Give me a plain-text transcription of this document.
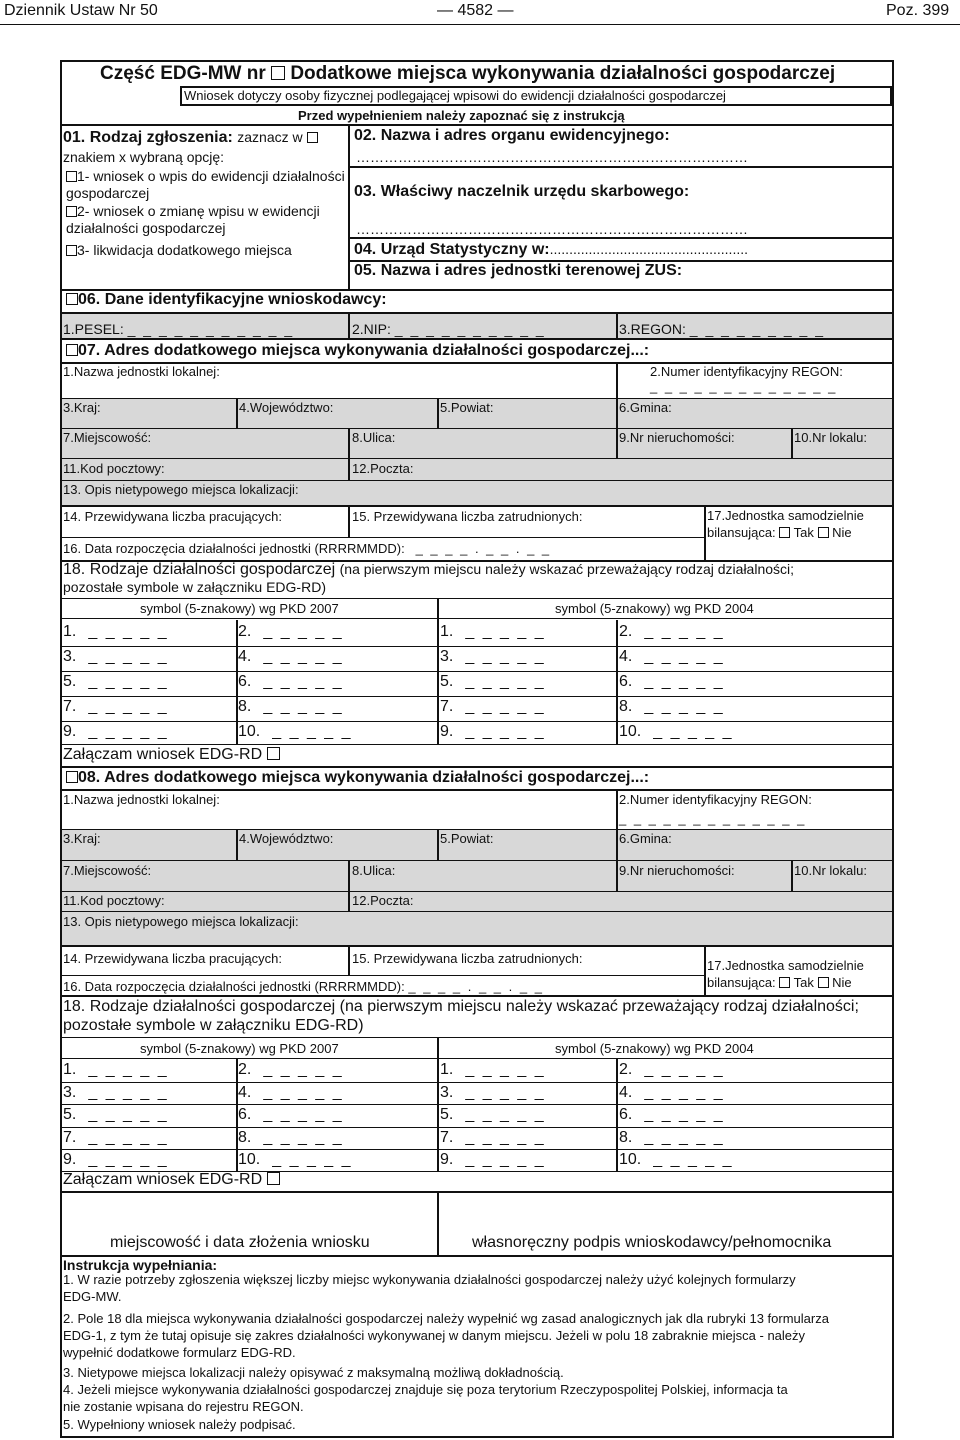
Dziennik Ustaw Nr 50	— 4582 —	Poz. 399
Część EDG-MW nr Dodatkowe miejsca wykonywania działalności gospodarczej
Wniosek dotyczy osoby fizycznej podlegającej wpisowi do ewidencji działalności gospodarczej
Przed wypełnieniem należy zapoznać się z instrukcją
01. Rodzaj zgłoszenia: zaznacz w
znakiem x wybraną opcję:
1- wniosek o wpis do ewidencji działalności
gospodarczej
2- wniosek o zmianę wpisu w ewidencji
działalności gospodarczej
3- likwidacja dodatkowego miejsca
02. Nazwa i adres organu ewidencyjnego:
…………………………………………………………………………
03. Właściwy naczelnik urzędu skarbowego:
…………………………………………………………………………
04. Urząd Statystyczny w:...................................................
05. Nazwa i adres jednostki terenowej ZUS:
06. Dane identyfikacyjne wnioskodawcy:
1.PESEL: _ _ _ _ _ _ _ _ _ _ _	2.NIP: _ _ _ _ _ _ _ _ _ _	3.REGON: _ _ _ _ _ _ _ _ _
07. Adres dodatkowego miejsca wykonywania działalności gospodarczej...:
1.Nazwa jednostki lokalnej:	2.Numer identyfikacyjny REGON:
_ _ _ _ _ _ _ _ _ _ _ _ _
3.Kraj:	4.Województwo:	5.Powiat:	6.Gmina:
7.Miejscowość:	8.Ulica:	9.Nr nieruchomości:	10.Nr lokalu:
11.Kod pocztowy:	12.Poczta:
13. Opis nietypowego miejsca lokalizacji:
14. Przewidywana liczba pracujących:	15. Przewidywana liczba zatrudnionych:	17.Jednostka samodzielnie
bilansująca: Tak Nie
16. Data rozpoczęcia działalności jednostki (RRRRMMDD): _ _ _ _ . _ _ . _ _
18. Rodzaje działalności gospodarczej (na pierwszym miejscu należy wskazać przeważający rodzaj działalności;
pozostałe symbole w załączniku EDG-RD)
symbol (5-znakowy) wg PKD 2007	symbol (5-znakowy) wg PKD 2004
1. _ _ _ _ _	2. _ _ _ _ _	1. _ _ _ _ _	2. _ _ _ _ _
3. _ _ _ _ _	4. _ _ _ _ _	3. _ _ _ _ _	4. _ _ _ _ _
5. _ _ _ _ _	6. _ _ _ _ _	5. _ _ _ _ _	6. _ _ _ _ _
7. _ _ _ _ _	8. _ _ _ _ _	7. _ _ _ _ _	8. _ _ _ _ _
9. _ _ _ _ _	10. _ _ _ _ _	9. _ _ _ _ _	10. _ _ _ _ _
Załączam wniosek EDG-RD
08. Adres dodatkowego miejsca wykonywania działalności gospodarczej...:
1.Nazwa jednostki lokalnej:	2.Numer identyfikacyjny REGON:
_ _ _ _ _ _ _ _ _ _ _ _ _
3.Kraj:	4.Województwo:	5.Powiat:	6.Gmina:
7.Miejscowość:	8.Ulica:	9.Nr nieruchomości:	10.Nr lokalu:
11.Kod pocztowy:	12.Poczta:
13. Opis nietypowego miejsca lokalizacji:
14. Przewidywana liczba pracujących:	15. Przewidywana liczba zatrudnionych:	17.Jednostka samodzielnie
bilansująca: Tak Nie
16. Data rozpoczęcia działalności jednostki (RRRRMMDD): _ _ _ _ . _ _ . _ _
18. Rodzaje działalności gospodarczej (na pierwszym miejscu należy wskazać przeważający rodzaj działalności;
pozostałe symbole w załączniku EDG-RD)
symbol (5-znakowy) wg PKD 2007	symbol (5-znakowy) wg PKD 2004
1. _ _ _ _ _	2. _ _ _ _ _	1. _ _ _ _ _	2. _ _ _ _ _
3. _ _ _ _ _	4. _ _ _ _ _	3. _ _ _ _ _	4. _ _ _ _ _
5. _ _ _ _ _	6. _ _ _ _ _	5. _ _ _ _ _	6. _ _ _ _ _
7. _ _ _ _ _	8. _ _ _ _ _	7. _ _ _ _ _	8. _ _ _ _ _
9. _ _ _ _ _	10. _ _ _ _ _	9. _ _ _ _ _	10. _ _ _ _ _
Załączam wniosek EDG-RD
miejscowość i data złożenia wniosku	własnoręczny podpis wnioskodawcy/pełnomocnika
Instrukcja wypełniania:
1. W razie potrzeby zgłoszenia większej liczby miejsc wykonywania działalności gospodarczej należy użyć kolejnych formularzy
EDG-MW.
2. Pole 18 dla miejsca wykonywania działalności gospodarczej należy wypełnić wg zasad analogicznych jak dla rubryki 13 formularza
EDG-1, z tym że tutaj opisuje się zakres działalności wykonywanej w danym miejscu. Jeżeli w polu 18 zabraknie miejsca - należy
wypełnić dodatkowe formularz EDG-RD.
3. Nietypowe miejsca lokalizacji należy opisywać z maksymalną możliwą dokładnością.
4. Jeżeli miejsce wykonywania działalności gospodarczej znajduje się poza terytorium Rzeczypospolitej Polskiej, informacja ta
nie zostanie wpisana do rejestru REGON.
5. Wypełniony wniosek należy podpisać.
